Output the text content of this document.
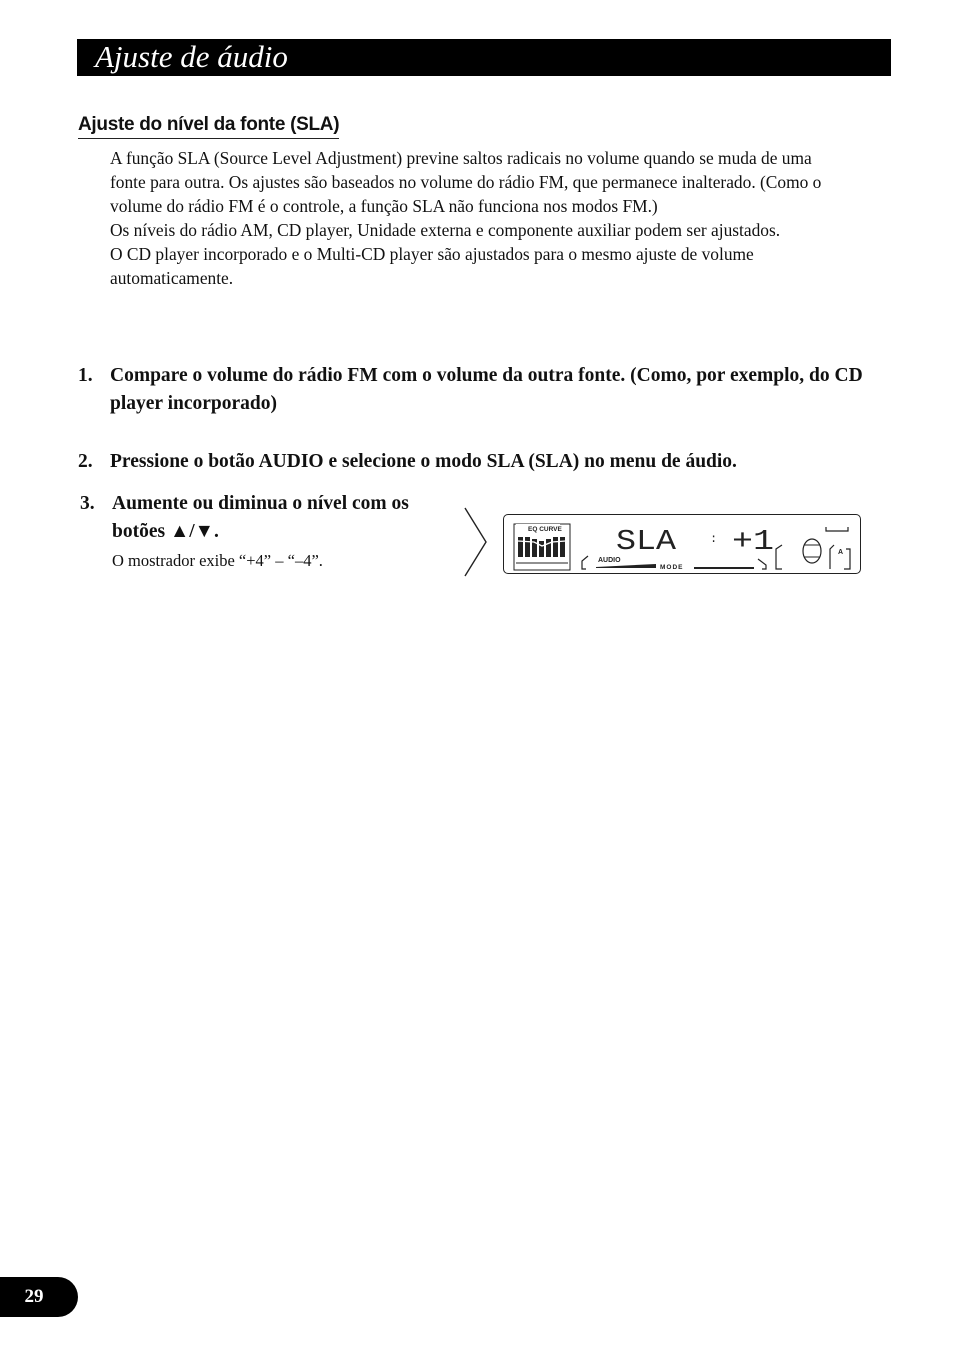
Ajuste de áudio
Ajuste do nível da fonte (SLA)

A função SLA (Source Level Adjustment) previne saltos radicais no volume quando se muda de uma fonte para outra. Os ajustes são baseados no volume do rádio FM, que permanece inalterado. (Como o volume do rádio FM é o controle, a função SLA não funciona nos modos FM.)

Os níveis do rádio AM, CD player, Unidade externa e componente auxiliar podem ser ajustados.

O CD player incorporado e o Multi-CD player são ajustados para o mesmo ajuste de volume automaticamente.

1. Compare o volume do rádio FM com o volume da outra fonte. (Como, por exemplo, do CD player incorporado)
2. Pressione o botão AUDIO e selecione o modo SLA (SLA) no menu de áudio.
3. Aumente ou diminua o nível com os botões ▲/▼.
O mostrador exibe “+4” – “–4”.
EQ CURVE
AUDIO
MODE
SLA	: +1	A
29
